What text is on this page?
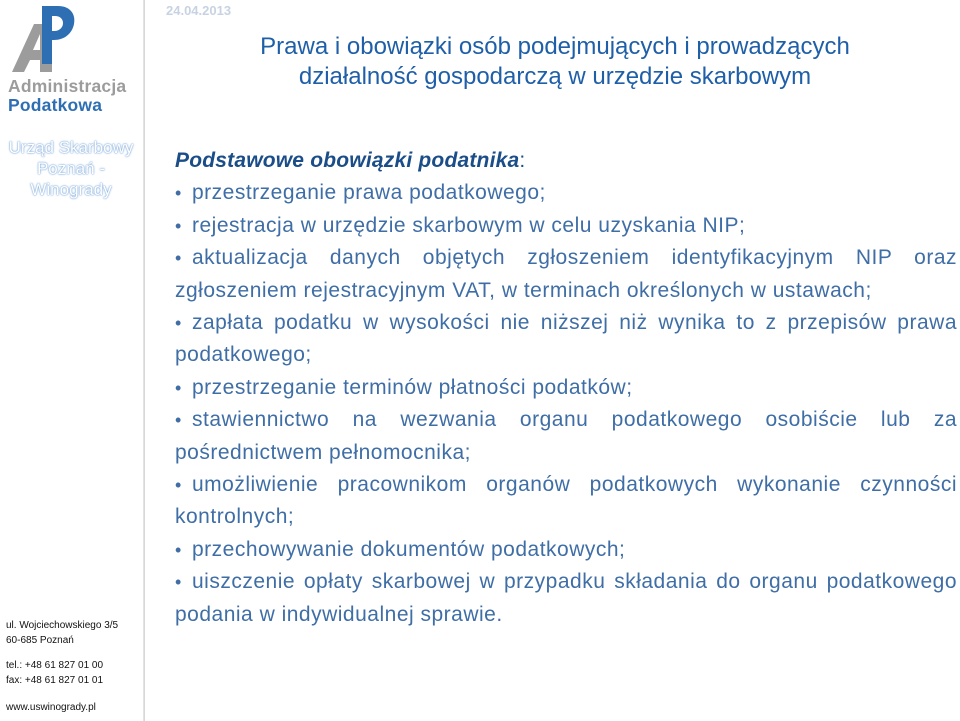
Administracja
Podatkowa
Urząd Skarbowy
Poznań -
Winogrady
ul. Wojciechowskiego 3/5
60-685 Poznań
tel.: +48 61 827 01 00
fax: +48 61 827 01 01
www.uswinogrady.pl
24.04.2013
Prawa i obowiązki osób podejmujących i prowadzących
działalność gospodarczą w urzędzie skarbowym
Podstawowe obowiązki podatnika:
• przestrzeganie prawa podatkowego;
• rejestracja w urzędzie skarbowym w celu uzyskania NIP;
• aktualizacja danych objętych zgłoszeniem identyfikacyjnym NIP oraz zgłoszeniem rejestracyjnym VAT, w terminach określonych w ustawach;
• zapłata podatku w wysokości nie niższej niż wynika to z przepisów prawa podatkowego;
• przestrzeganie terminów płatności podatków;
• stawiennictwo na wezwania organu podatkowego osobiście lub za pośrednictwem pełnomocnika;
• umożliwienie pracownikom organów podatkowych wykonanie czynności kontrolnych;
• przechowywanie dokumentów podatkowych;
• uiszczenie opłaty skarbowej w przypadku składania do organu podatkowego podania w indywidualnej sprawie.
